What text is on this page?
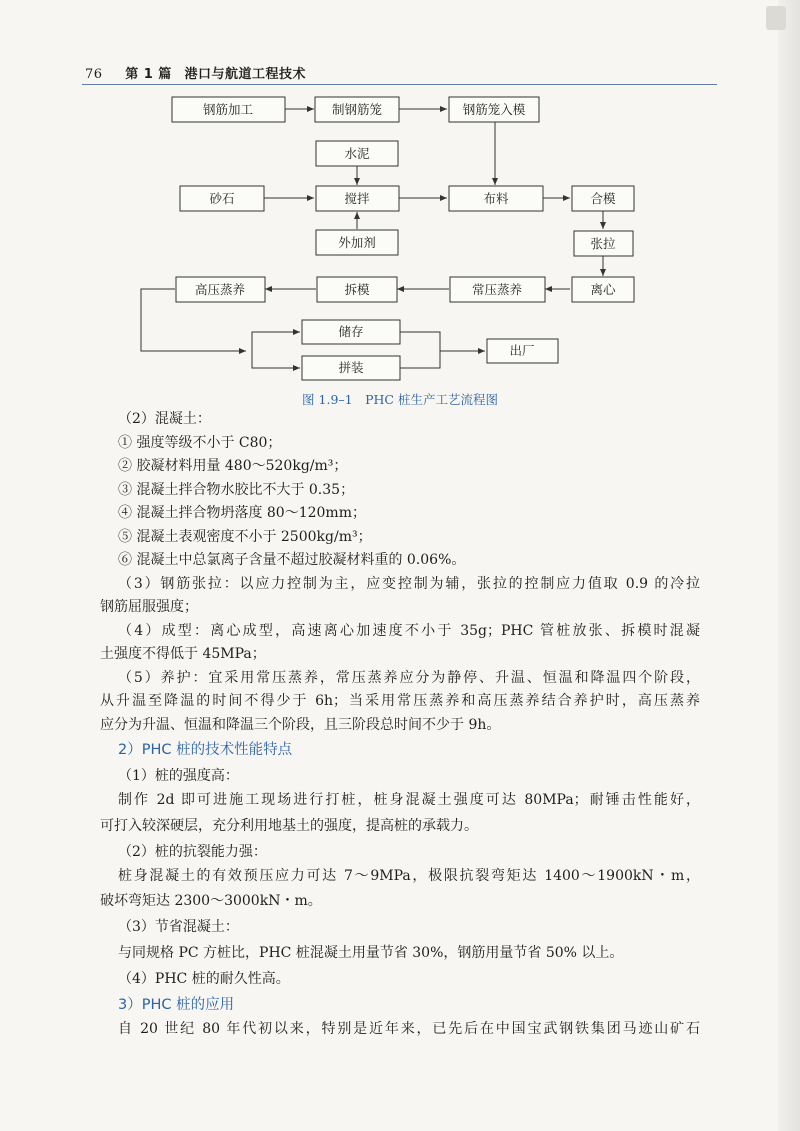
76 第 1 篇 港口与航道工程技术
钢筋加工	制钢筋笼	钢筋笼入模
水泥
砂石	搅拌
外加剂
布料	合模
张拉
离心
常压蒸养
拆模
高压蒸养
储存
拼装
出厂
图 1.9–1　PHC 桩生产工艺流程图
（2）混凝土：
① 强度等级不小于 C80；
② 胶凝材料用量 480～520kg/m³；
③ 混凝土拌合物水胶比不大于 0.35；
④ 混凝土拌合物坍落度 80～120mm；
⑤ 混凝土表观密度不小于 2500kg/m³；
⑥ 混凝土中总氯离子含量不超过胶凝材料重的 0.06%。
（3）钢筋张拉：以应力控制为主，应变控制为辅，张拉的控制应力值取 0.9 的冷拉
钢筋屈服强度；
（4）成型：离心成型，高速离心加速度不小于 35g；PHC 管桩放张、拆模时混凝
土强度不得低于 45MPa；
（5）养护：宜采用常压蒸养，常压蒸养应分为静停、升温、恒温和降温四个阶段，
从升温至降温的时间不得少于 6h；当采用常压蒸养和高压蒸养结合养护时，高压蒸养
应分为升温、恒温和降温三个阶段，且三阶段总时间不少于 9h。
2）PHC 桩的技术性能特点
（1）桩的强度高：
制作 2d 即可进施工现场进行打桩，桩身混凝土强度可达 80MPa；耐锤击性能好，
可打入较深硬层，充分利用地基土的强度，提高桩的承载力。
（2）桩的抗裂能力强：
桩身混凝土的有效预压应力可达 7～9MPa，极限抗裂弯矩达 1400～1900kN・m，
破坏弯矩达 2300～3000kN・m。
（3）节省混凝土：
与同规格 PC 方桩比，PHC 桩混凝土用量节省 30%，钢筋用量节省 50% 以上。
（4）PHC 桩的耐久性高。
3）PHC 桩的应用
自 20 世纪 80 年代初以来，特别是近年来，已先后在中国宝武钢铁集团马迹山矿石
